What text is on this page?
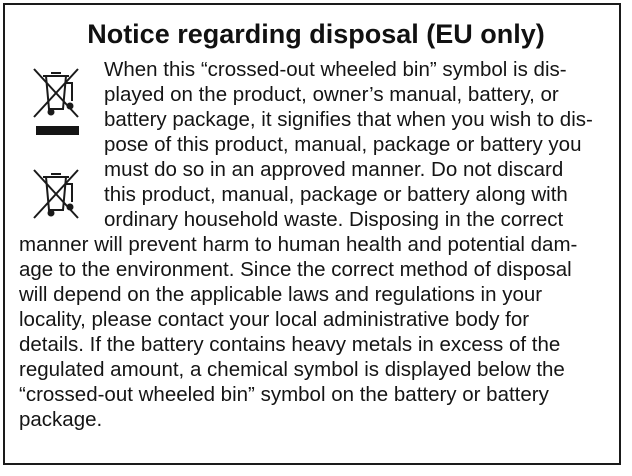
Notice regarding disposal (EU only)
When this “crossed-out wheeled bin” symbol is dis-
played on the product, owner’s manual, battery, or
battery package, it signifies that when you wish to dis-
pose of this product, manual, package or battery you
must do so in an approved manner. Do not discard
this product, manual, package or battery along with
ordinary household waste. Disposing in the correct
manner will prevent harm to human health and potential dam-
age to the environment. Since the correct method of disposal
will depend on the applicable laws and regulations in your
locality, please contact your local administrative body for
details. If the battery contains heavy metals in excess of the
regulated amount, a chemical symbol is displayed below the
“crossed-out wheeled bin” symbol on the battery or battery
package.
